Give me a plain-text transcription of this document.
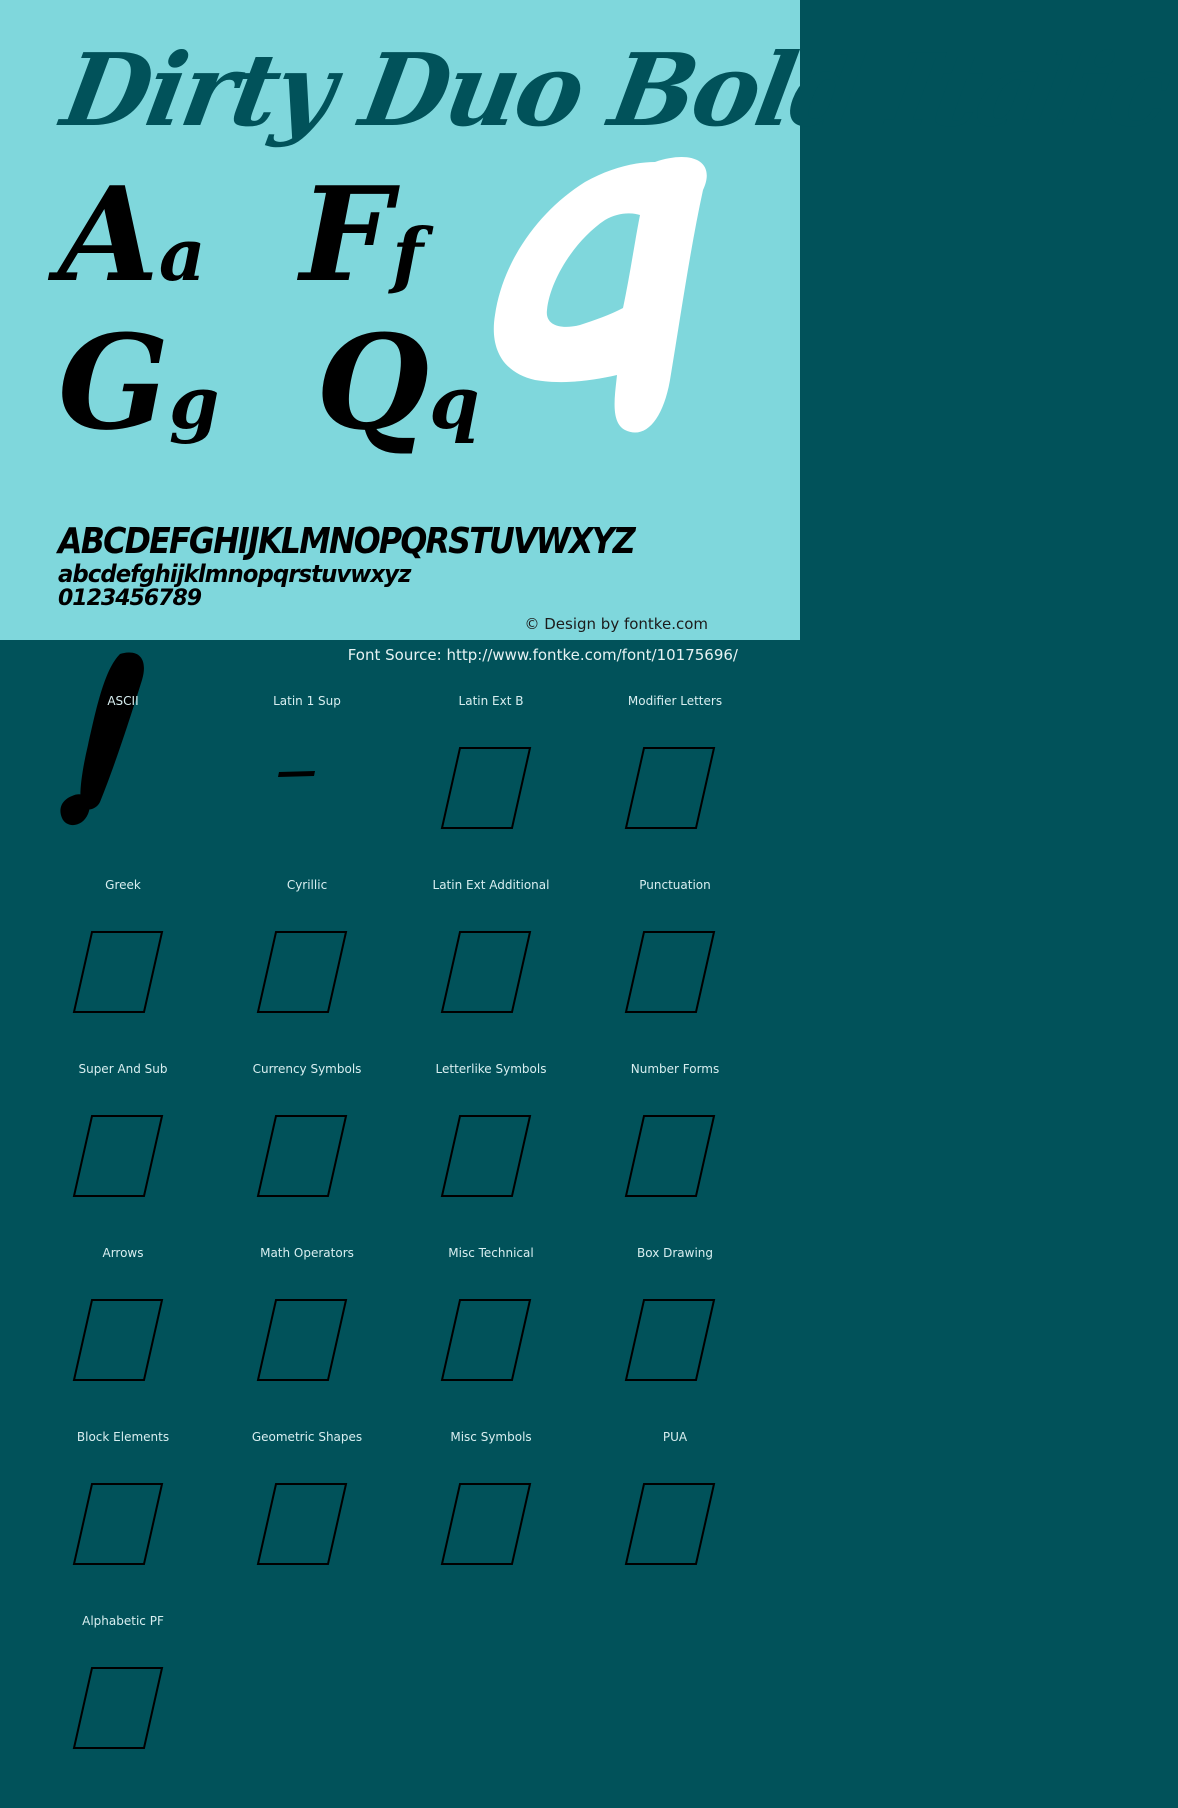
Dirty Duo Bold Italic
Aa Ff
Gg Qq
ABCDEFGHIJKLMNOPQRSTUVWXYZ
abcdefghijklmnopqrstuvwxyz
0123456789
© Design by fontke.com
Font Source: http://www.fontke.com/font/10175696/
ASCII	Latin 1 Sup	Latin Ext B	Modifier Letters
Greek	Cyrillic	Latin Ext Additional	Punctuation
Super And Sub	Currency Symbols	Letterlike Symbols	Number Forms
Arrows	Math Operators	Misc Technical	Box Drawing
Block Elements	Geometric Shapes	Misc Symbols	PUA
Alphabetic PF
